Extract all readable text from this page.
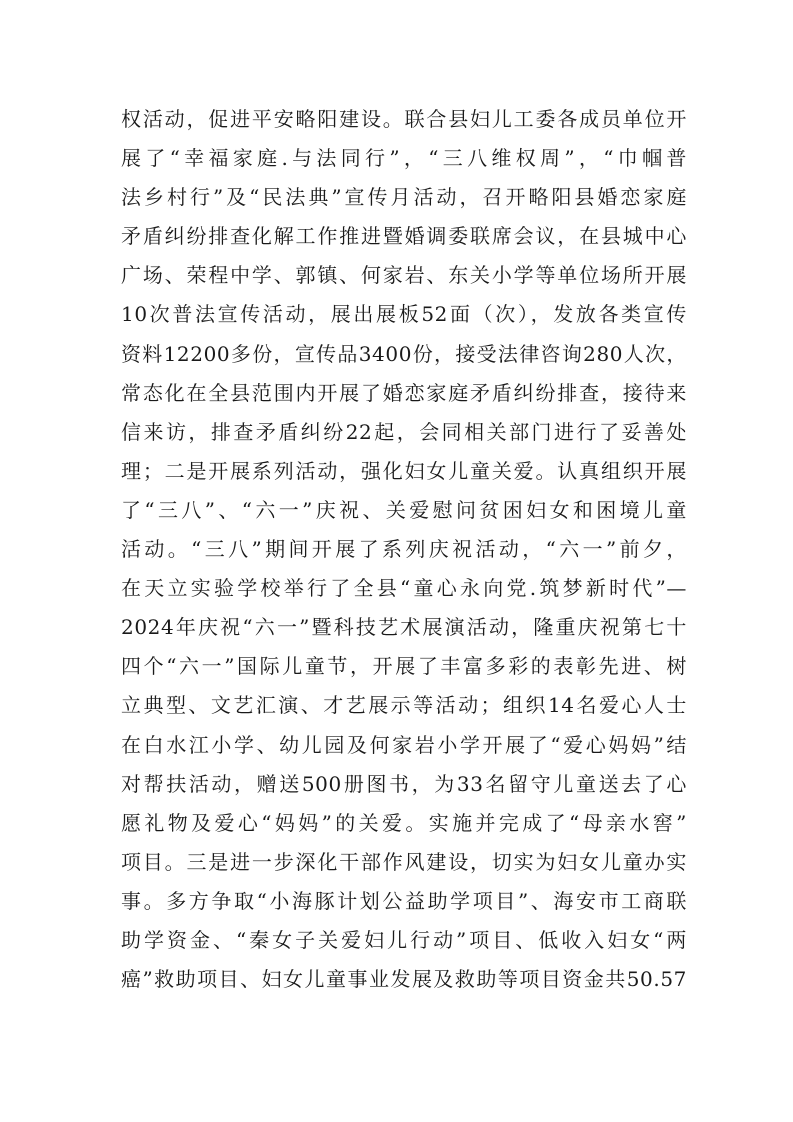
权活动，促进平安略阳建设。联合县妇儿工委各成员单位开
展了“幸福家庭.与法同行”，“三八维权周”，“巾帼普
法乡村行”及“民法典”宣传月活动，召开略阳县婚恋家庭
矛盾纠纷排查化解工作推进暨婚调委联席会议，在县城中心
广场、荣程中学、郭镇、何家岩、东关小学等单位场所开展
10次普法宣传活动，展出展板52面（次），发放各类宣传
资料12200多份，宣传品3400份，接受法律咨询280人次，
常态化在全县范围内开展了婚恋家庭矛盾纠纷排查，接待来
信来访，排查矛盾纠纷22起，会同相关部门进行了妥善处
理；二是开展系列活动，强化妇女儿童关爱。认真组织开展
了“三八”、“六一”庆祝、关爱慰问贫困妇女和困境儿童
活动。“三八”期间开展了系列庆祝活动，“六一”前夕，
在天立实验学校举行了全县“童心永向党.筑梦新时代”—
2024年庆祝“六一”暨科技艺术展演活动，隆重庆祝第七十
四个“六一”国际儿童节，开展了丰富多彩的表彰先进、树
立典型、文艺汇演、才艺展示等活动；组织14名爱心人士
在白水江小学、幼儿园及何家岩小学开展了“爱心妈妈”结
对帮扶活动，赠送500册图书，为33名留守儿童送去了心
愿礼物及爱心“妈妈”的关爱。实施并完成了“母亲水窖”
项目。三是进一步深化干部作风建设，切实为妇女儿童办实
事。多方争取“小海豚计划公益助学项目”、海安市工商联
助学资金、“秦女子关爱妇儿行动”项目、低收入妇女“两
癌”救助项目、妇女儿童事业发展及救助等项目资金共50.57
